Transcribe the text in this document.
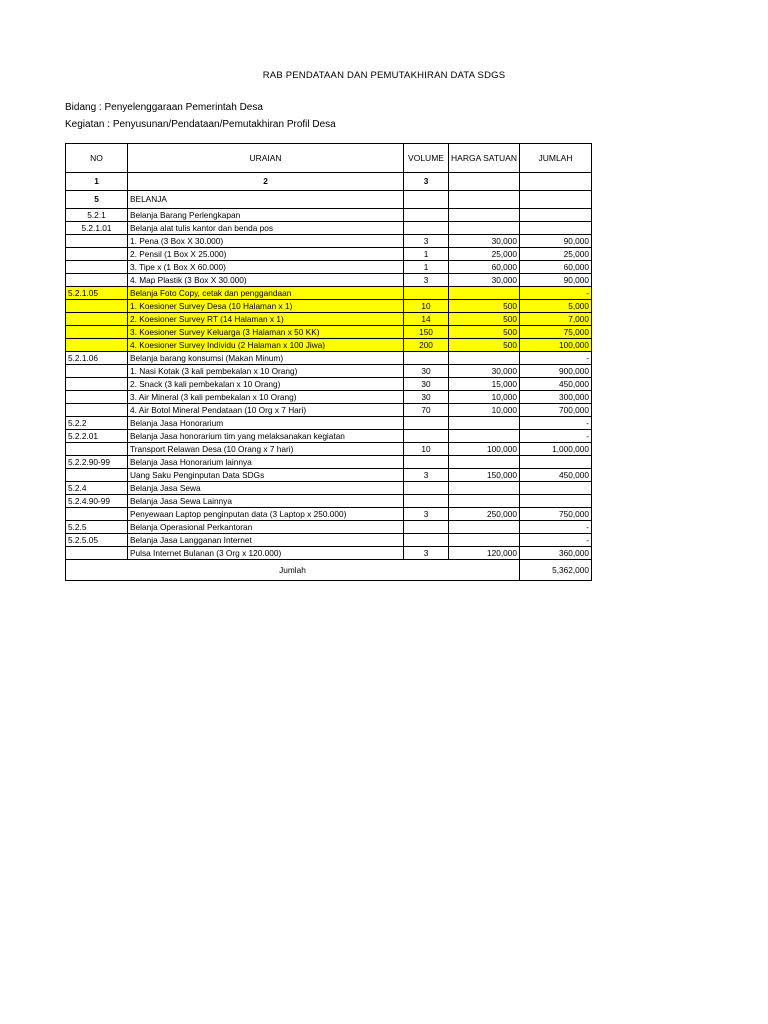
RAB PENDATAAN DAN PEMUTAKHIRAN DATA SDGS
Bidang : Penyelenggaraan Pemerintah Desa
Kegiatan : Penyusunan/Pendataan/Pemutakhiran Profil Desa
NO	URAIAN	VOLUME	HARGA SATUAN	JUMLAH	
1	2	3			
5	BELANJA				
5.2.1	Belanja Barang Perlengkapan				
5.2.1.01	Belanja alat tulis kantor dan benda pos				
	1. Pena (3 Box X 30.000)	3	30,000	90,000	
	2. Pensil (1 Box X 25.000)	1	25,000	25,000	
	3. Tipe x (1 Box X 60.000)	1	60,000	60,000	
	4. Map Plastik (3 Box X 30.000)	3	30,000	90,000	
5.2.1.05	Belanja Foto Copy, cetak dan penggandaan			-	
	1. Koesioner Survey Desa (10 Halaman x 1)	10	500	5,000	
	2. Koesioner Survey RT (14 Halaman x 1)	14	500	7,000	
	3. Koesioner Survey Keluarga (3 Halaman x 50 KK)	150	500	75,000	
	4. Koesioner Survey Individu (2 Halaman x 100 Jiwa)	200	500	100,000	
5.2.1.06	Belanja barang konsumsi (Makan Minum)			-	
	1. Nasi Kotak (3 kali pembekalan x 10 Orang)	30	30,000	900,000	
	2. Snack (3 kali pembekalan x 10 Orang)	30	15,000	450,000	
	3. Air Mineral (3 kali pembekalan x 10 Orang)	30	10,000	300,000	
	4. Air Botol Mineral Pendataan (10 Org x 7 Hari)	70	10,000	700,000	
5.2.2	Belanja Jasa Honorarium			-	
5.2.2.01	Belanja Jasa honorarium tim yang melaksanakan kegiatan			-	
	Transport Relawan Desa (10 Orang x 7 hari)	10	100,000	1,000,000	
5.2.2.90-99	Belanja Jasa Honorarium lainnya				
	Uang Saku Penginputan Data SDGs	3	150,000	450,000	
5.2.4	Belanja Jasa Sewa				
5.2.4.90-99	Belanja Jasa Sewa Lainnya				
	Penyewaan Laptop penginputan data (3 Laptop x 250.000)	3	250,000	750,000	
5.2.5	Belanja Operasional Perkantoran			-	
5.2.5.05	Belanja Jasa Langganan Internet			-	
	Pulsa Internet Bulanan (3 Org x 120.000)	3	120,000	360,000	
Jumlah				5,362,000	
